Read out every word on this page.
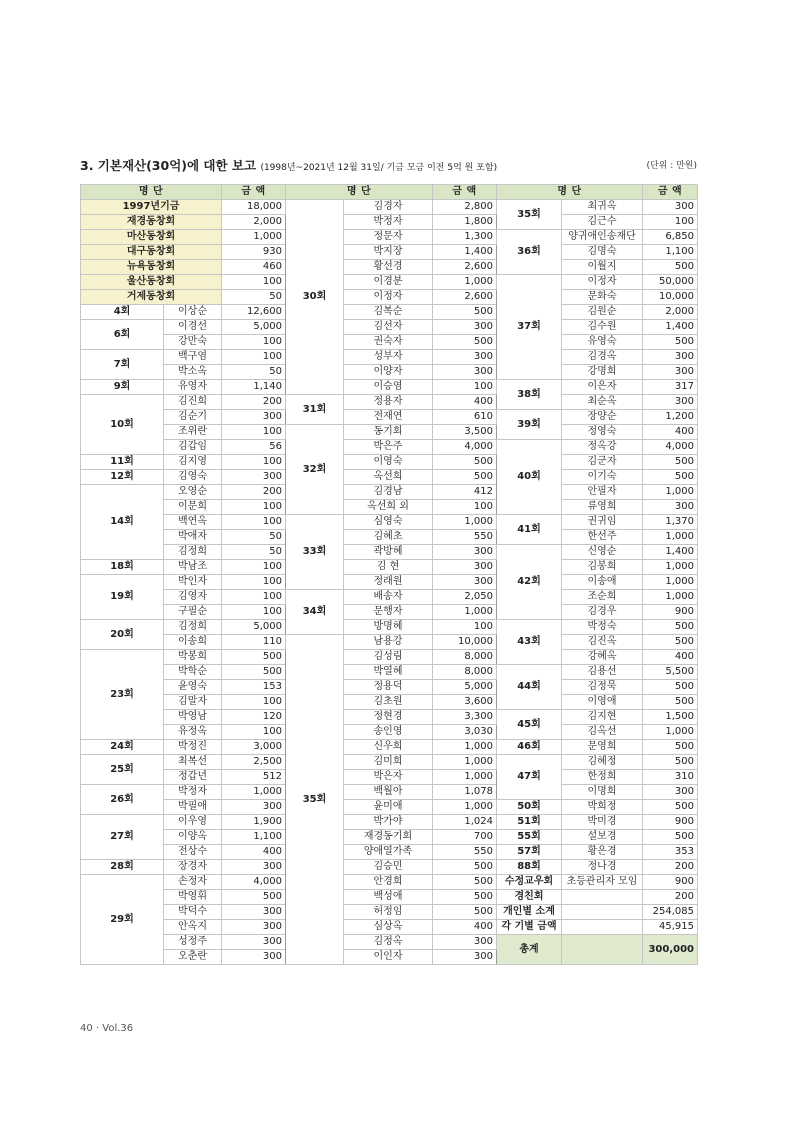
3. 기본재산(30억)에 대한 보고 (1998년~2021년 12월 31일/ 기금 모금 이전 5억 원 포함)	(단위 : 만원)
명 단		금 액	명 단		금 액	명 단		금 액
1997년기금		18,000	30회	김경자	2,800	35회	최귀옥	300
재경동창회		2,000		박정자	1,800		김근수	100
마산동창회		1,000		정문자	1,300	36회	양귀애인송재단	6,850
대구동창회		930		박지장	1,400		김명숙	1,100
뉴욕동창회		460		황선경	2,600		이월지	500
울산동창회		100		이경분	1,000	37회	이정자	50,000
거제동창회		50		이정자	2,600		문화숙	10,000
4회	이상순	12,600		김복순	500		김원순	2,000
6회	이경선	5,000		김선자	300		김수원	1,400
	강만숙	100		권숙자	500		유영숙	500
7회	백구염	100		성부자	300		김경옥	300
	박소옥	50		이양자	300		강명희	300
9회	유영자	1,140		이승염	100	38회	이은자	317
10회	김진희	200	31회	정용자	400		최순옥	300
	김순기	300		전재연	610	39회	장양순	1,200
	조위란	100	32회	동기회	3,500		정영숙	400
	김갑임	56		박은주	4,000	40회	정옥강	4,000
11회	김지영	100		이영숙	500		김군자	500
12회	김영숙	300		옥선희	500		이기숙	500
14회	오영순	200		김경남	412		안필자	1,000
	이문희	100		옥선희 외	100		류영희	300
	백연옥	100	33회	심영숙	1,000	41회	권귀임	1,370
	박애자	50		김혜초	550		한선주	1,000
	김정희	50		곽방혜	300	42회	신영순	1,400
18회	박남조	100		김 현	300		김봉희	1,000
19회	박인자	100		정래원	300		이송애	1,000
	김영자	100	34회	배송자	2,050		조순희	1,000
	구필순	100		문행자	1,000		김경우	900
20회	김정희	5,000		방명혜	100	43회	박정숙	500
	이송희	110	35회	남용강	10,000		김진옥	500
23회	박봉희	500		김성림	8,000		강혜옥	400
	박학순	500		박열혜	8,000	44회	김용선	5,500
	윤영숙	153		정용덕	5,000		김정묵	500
	김말자	100		김초원	3,600		이영애	500
	박영남	120		정현경	3,300	45회	김지현	1,500
	유정옥	100		송인영	3,030		김옥선	1,000
24회	박정진	3,000		신우희	1,000	46회	문영희	500
25회	최복선	2,500		김미희	1,000	47회	김혜정	500
	정갑년	512		박은자	1,000		한정희	310
26회	박정자	1,000		백월아	1,078		이명희	300
	박필애	300		윤미애	1,000	50회	박희정	500
27회	이우영	1,900		박가야	1,024	51회	박미경	900
	이양옥	1,100		재경동기회	700	55회	설보경	500
	전상수	400		양애열가족	550	57회	황은경	353
28회	장경자	300		김승민	500	88회	정나경	200
29회	손정자	4,000		안경희	500	수정교우회	초등관리자 모임	900
	박영휘	500		백성애	500	경친회		200
	박덕수	300		허정임	500	개인별 소계		254,085
	안옥지	300		심상옥	400	각 기별 금액		45,915
	성정주	300		김정옥	300	총계		300,000
	오춘란	300		이인자	300			
40 · Vol.36
